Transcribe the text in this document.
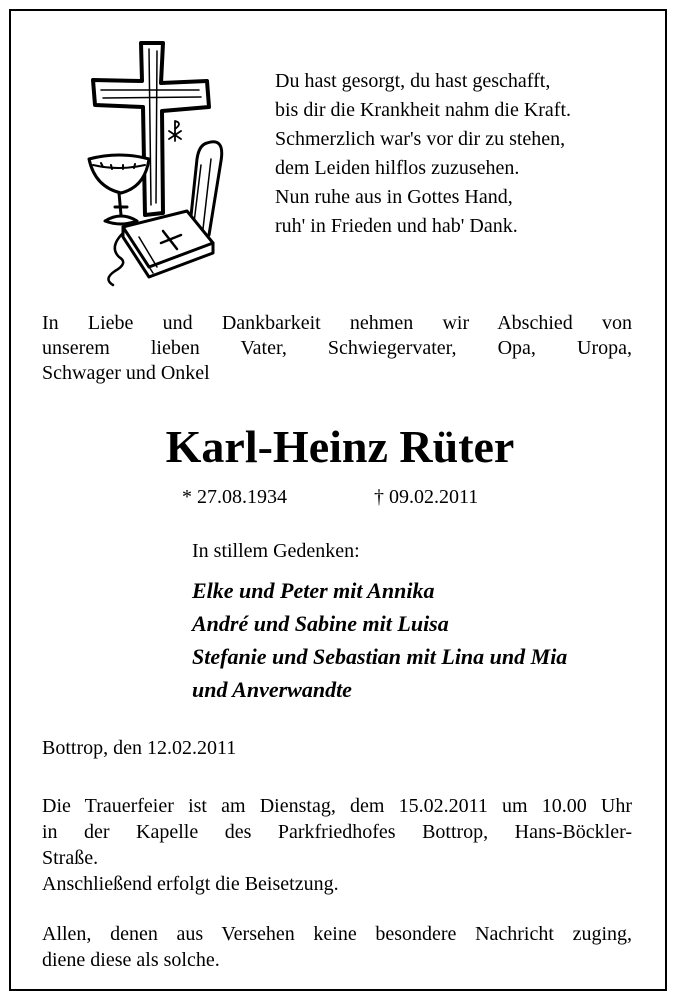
Du hast gesorgt, du hast geschafft,
bis dir die Krankheit nahm die Kraft.
Schmerzlich war's vor dir zu stehen,
dem Leiden hilflos zuzusehen.
Nun ruhe aus in Gottes Hand,
ruh' in Frieden und hab' Dank.
In Liebe und Dankbarkeit nehmen wir Abschied von
unserem lieben Vater, Schwiegervater, Opa, Uropa,
Schwager und Onkel
Karl-Heinz Rüter
* 27.08.1934	† 09.02.2011
In stillem Gedenken:
Elke und Peter mit Annika
André und Sabine mit Luisa
Stefanie und Sebastian mit Lina und Mia
und Anverwandte
Bottrop, den 12.02.2011
Die Trauerfeier ist am Dienstag, dem 15.02.2011 um 10.00 Uhr
in der Kapelle des Parkfriedhofes Bottrop, Hans-Böckler-
Straße.
Anschließend erfolgt die Beisetzung.
Allen, denen aus Versehen keine besondere Nachricht zuging,
diene diese als solche.
